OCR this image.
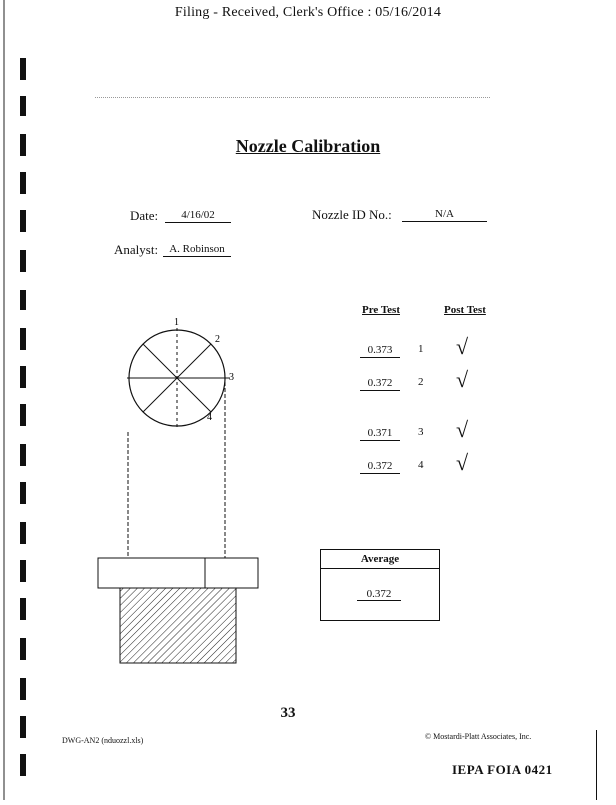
Filing - Received, Clerk's Office : 05/16/2014
Nozzle Calibration
Date:	4/16/02	Nozzle ID No.:	N/A
Analyst:	A. Robinson
Pre Test	Post Test
0.373	1 √
0.372	2 √
0.371	3 √
0.372	4 √
1
2
3
4
Average
0.372
33
DWG-AN2 (nduozzl.xls)	© Mostardi-Platt Associates, Inc.
IEPA FOIA 0421
